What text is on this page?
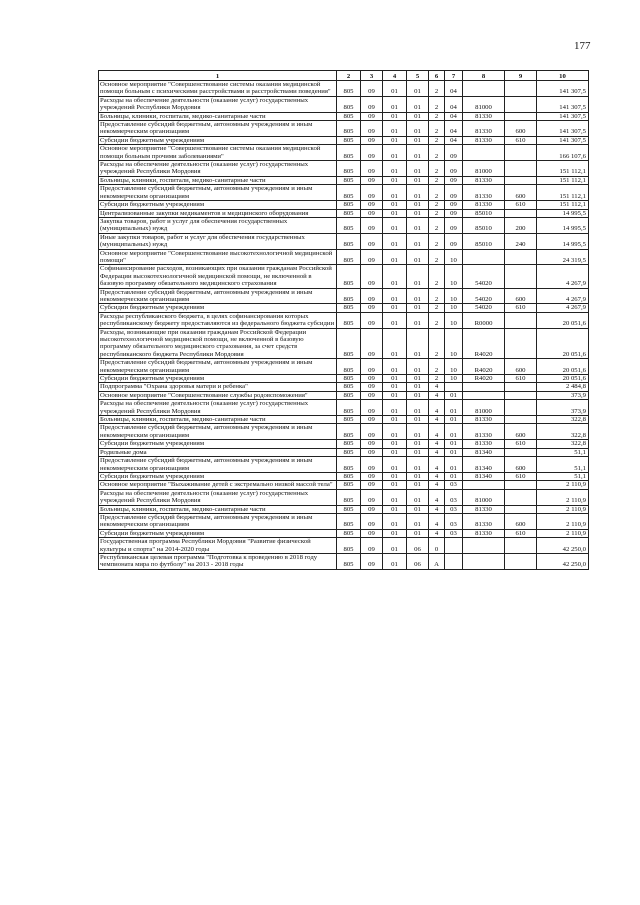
177
1	2	3	4	5	6	7	8	9	10
Основное мероприятие "Совершенствование системы оказания медицинской помощи больным с психическими расстройствами и расстройствами поведения"	805	09	01	01	2	04			141 307,5
Расходы на обеспечение деятельности (оказание услуг) государственных учреждений Республики Мордовия	805	09	01	01	2	04	81000		141 307,5
Больницы, клиники, госпитали, медико-санитарные части	805	09	01	01	2	04	81330		141 307,5
Предоставление субсидий бюджетным, автономным учреждениям и иным некоммерческим организациям	805	09	01	01	2	04	81330	600	141 307,5
Субсидии бюджетным учреждениям	805	09	01	01	2	04	81330	610	141 307,5
Основное мероприятие "Совершенствование системы оказания медицинской помощи больным прочими заболеваниями"	805	09	01	01	2	09			166 107,6
Расходы на обеспечение деятельности (оказание услуг) государственных учреждений Республики Мордовия	805	09	01	01	2	09	81000		151 112,1
Больницы, клиники, госпитали, медико-санитарные части	805	09	01	01	2	09	81330		151 112,1
Предоставление субсидий бюджетным, автономным учреждениям и иным некоммерческим организациям	805	09	01	01	2	09	81330	600	151 112,1
Субсидии бюджетным учреждениям	805	09	01	01	2	09	81330	610	151 112,1
Централизованные закупки медикаментов и медицинского оборудования	805	09	01	01	2	09	85010		14 995,5
Закупка товаров, работ и услуг для обеспечения государственных (муниципальных) нужд	805	09	01	01	2	09	85010	200	14 995,5
Иные закупки товаров, работ и услуг для обеспечения государственных (муниципальных) нужд	805	09	01	01	2	09	85010	240	14 995,5
Основное мероприятие "Совершенствование высокотехнологичной медицинской помощи"	805	09	01	01	2	10			24 319,5
Софинансирование расходов, возникающих при оказании гражданам Российской Федерации высокотехнологичной медицинской помощи, не включенной в базовую программу обязательного медицинского страхования	805	09	01	01	2	10	54020		4 267,9
Предоставление субсидий бюджетным, автономным учреждениям и иным некоммерческим организациям	805	09	01	01	2	10	54020	600	4 267,9
Субсидии бюджетным учреждениям	805	09	01	01	2	10	54020	610	4 267,9
Расходы республиканского бюджета, в целях софинансирования которых республиканскому бюджету предоставляются из федерального бюджета субсидии	805	09	01	01	2	10	R0000		20 051,6
Расходы, возникающие при оказании гражданам Российской Федерации высокотехнологичной медицинской помощи, не включенной в базовую программу обязательного медицинского страхования, за счет средств республиканского бюджета Республики Мордовия	805	09	01	01	2	10	R4020		20 051,6
Предоставление субсидий бюджетным, автономным учреждениям и иным некоммерческим организациям	805	09	01	01	2	10	R4020	600	20 051,6
Субсидии бюджетным учреждениям	805	09	01	01	2	10	R4020	610	20 051,6
Подпрограмма "Охрана здоровья матери и ребенка"	805	09	01	01	4				2 484,8
Основное мероприятие "Совершенствование службы родовспоможения"	805	09	01	01	4	01			373,9
Расходы на обеспечение деятельности (оказание услуг) государственных учреждений Республики Мордовия	805	09	01	01	4	01	81000		373,9
Больницы, клиники, госпитали, медико-санитарные части	805	09	01	01	4	01	81330		322,8
Предоставление субсидий бюджетным, автономным учреждениям и иным некоммерческим организациям	805	09	01	01	4	01	81330	600	322,8
Субсидии бюджетным учреждениям	805	09	01	01	4	01	81330	610	322,8
Родильные дома	805	09	01	01	4	01	81340		51,1
Предоставление субсидий бюджетным, автономным учреждениям и иным некоммерческим организациям	805	09	01	01	4	01	81340	600	51,1
Субсидии бюджетным учреждениям	805	09	01	01	4	01	81340	610	51,1
Основное мероприятие "Выхаживание детей с экстремально низкой массой тела"	805	09	01	01	4	03			2 110,9
Расходы на обеспечение деятельности (оказание услуг) государственных учреждений Республики Мордовия	805	09	01	01	4	03	81000		2 110,9
Больницы, клиники, госпитали, медико-санитарные части	805	09	01	01	4	03	81330		2 110,9
Предоставление субсидий бюджетным, автономным учреждениям и иным некоммерческим организациям	805	09	01	01	4	03	81330	600	2 110,9
Субсидии бюджетным учреждениям	805	09	01	01	4	03	81330	610	2 110,9
Государственная программа Республики Мордовия "Развитие физической культуры и спорта" на 2014-2020 годы	805	09	01	06	0				42 250,0
Республиканская целевая программа "Подготовка к проведению в 2018 году чемпионата мира по футболу" на 2013 - 2018 годы	805	09	01	06	А				42 250,0
